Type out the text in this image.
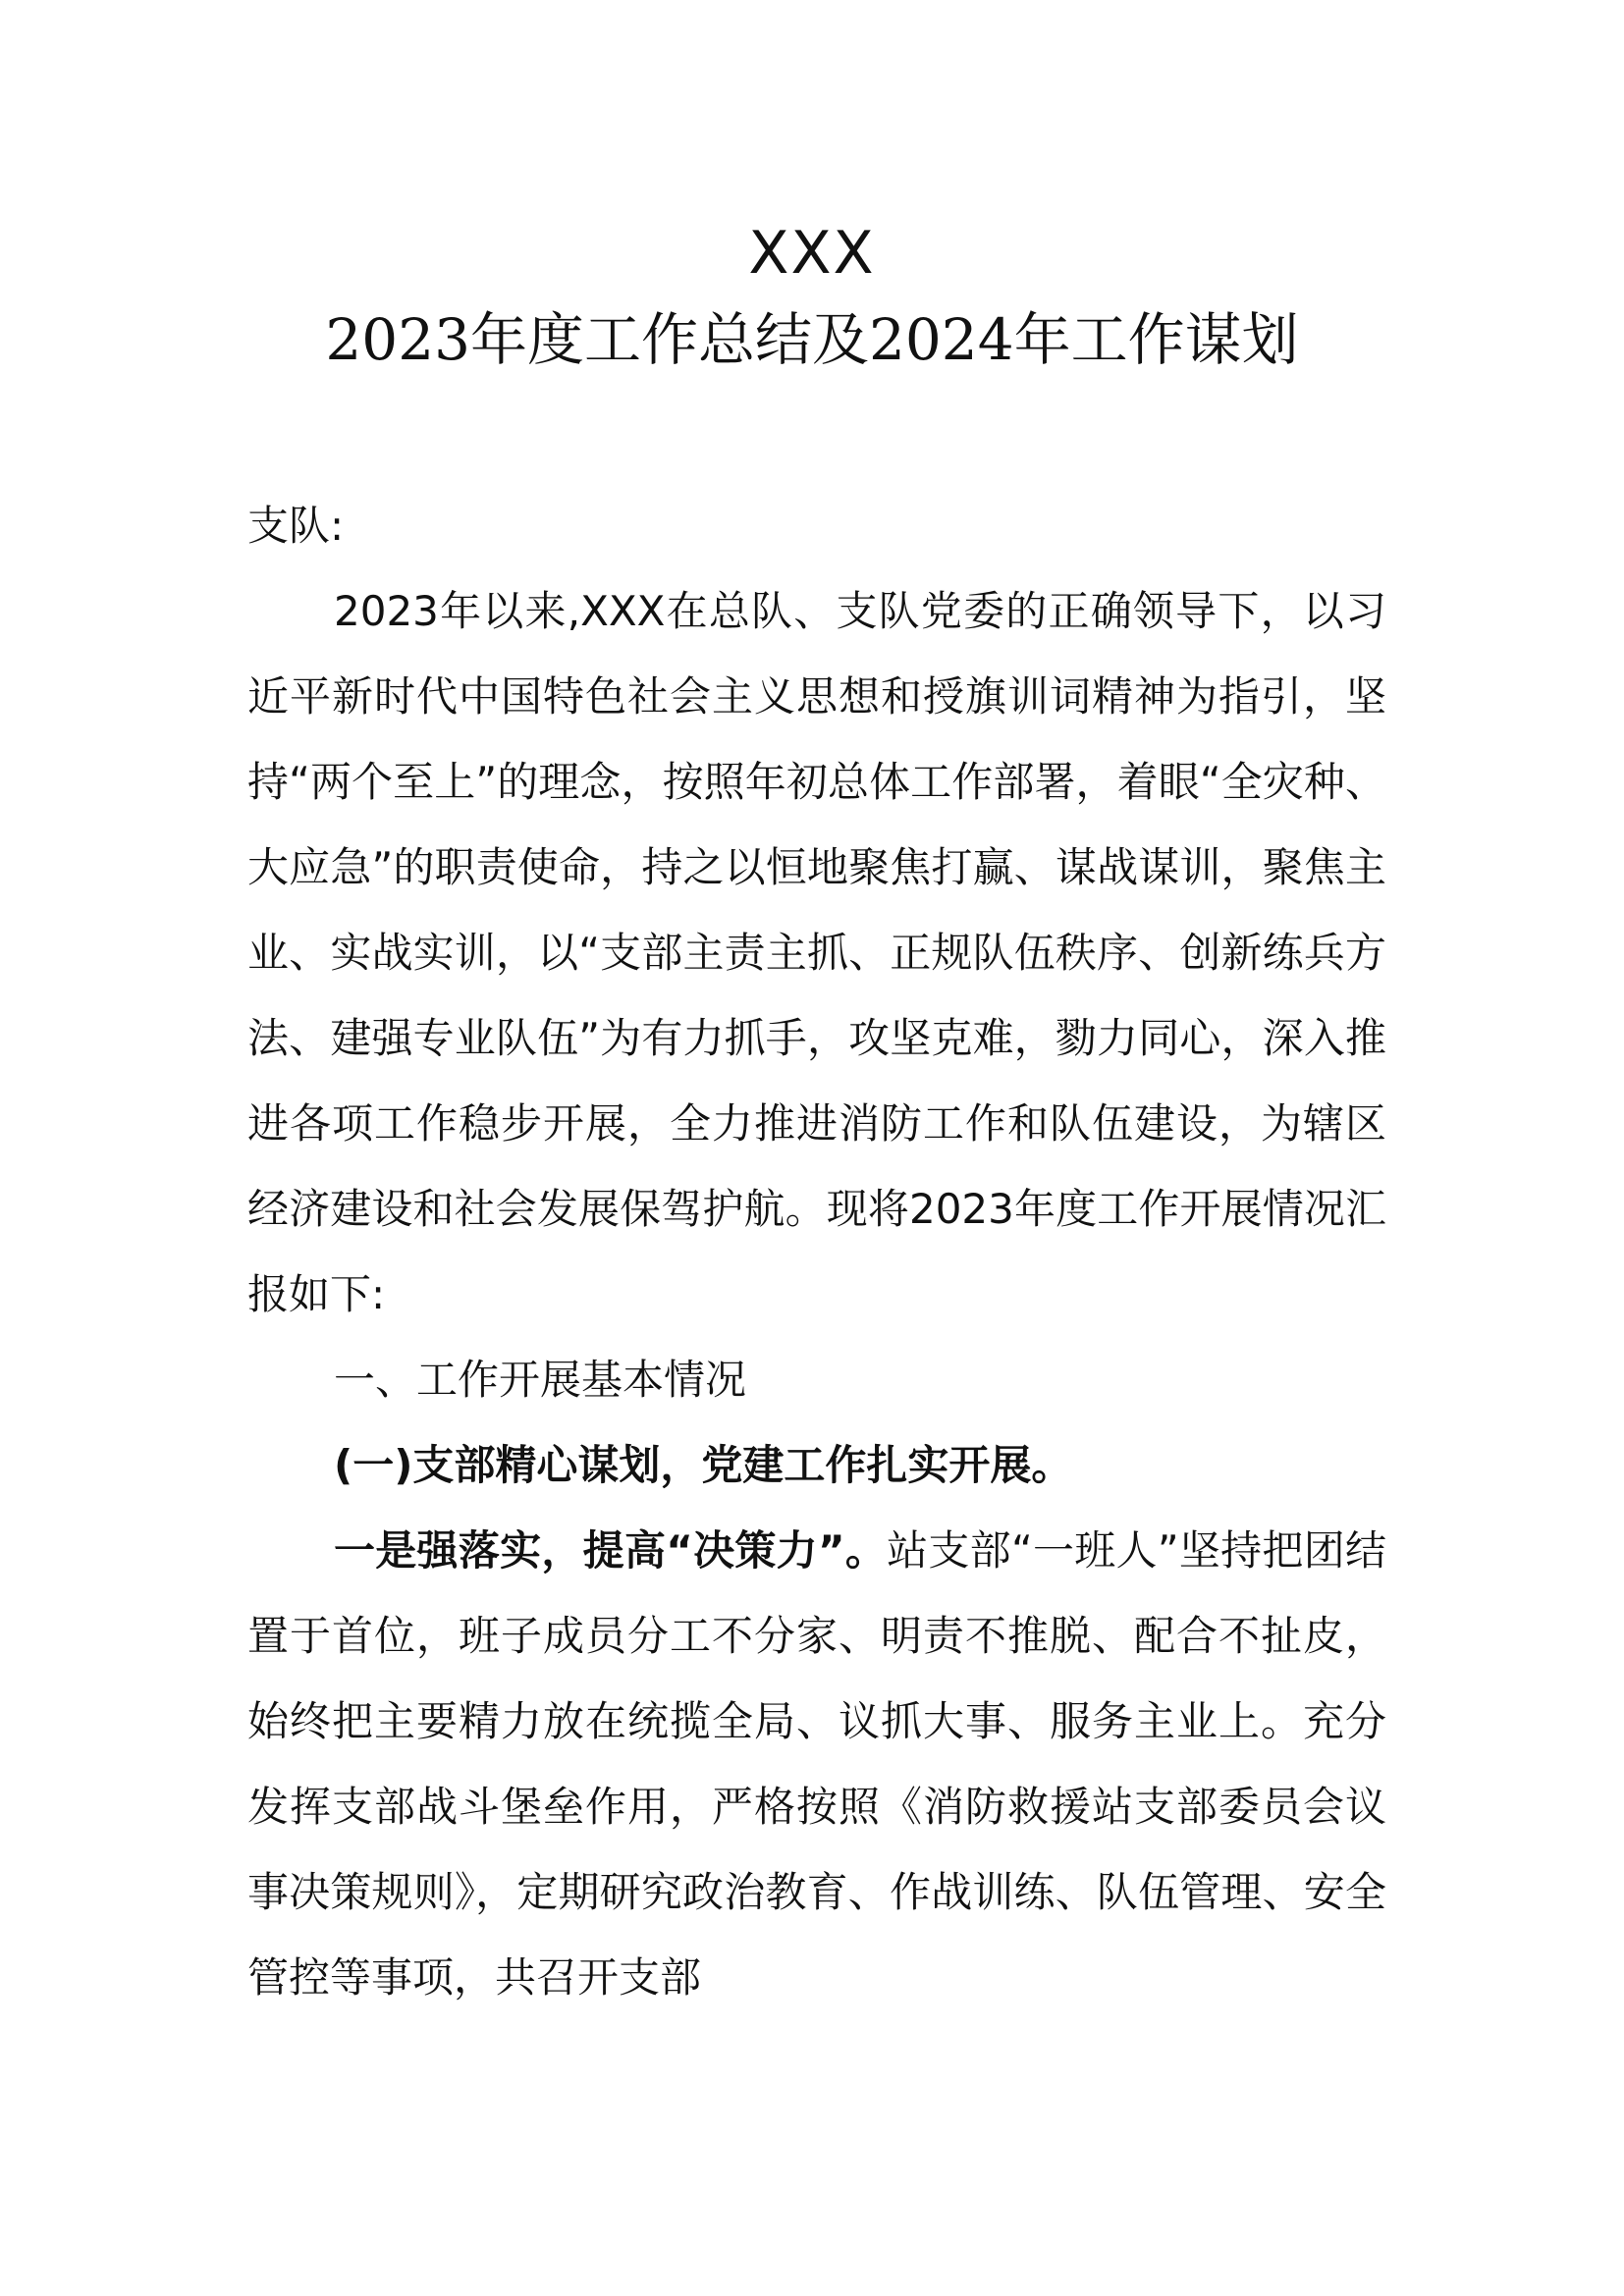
XXX
2023年度工作总结及2024年工作谋划

支队:

2023年以来,XXX在总队、支队党委的正确领导下，以习近平新时代中国特色社会主义思想和授旗训词精神为指引，坚持“两个至上”的理念，按照年初总体工作部署，着眼“全灾种、大应急”的职责使命，持之以恒地聚焦打赢、谋战谋训，聚焦主业、实战实训，以“支部主责主抓、正规队伍秩序、创新练兵方法、建强专业队伍”为有力抓手，攻坚克难，勠力同心，深入推进各项工作稳步开展，全力推进消防工作和队伍建设，为辖区经济建设和社会发展保驾护航。现将2023年度工作开展情况汇报如下:

一、工作开展基本情况

(一)支部精心谋划，党建工作扎实开展。

一是强落实，提高“决策力”。站支部“一班人”坚持把团结置于首位，班子成员分工不分家、明责不推脱、配合不扯皮，始终把主要精力放在统揽全局、议抓大事、服务主业上。充分发挥支部战斗堡垒作用，严格按照《消防救援站支部委员会议事决策规则》，定期研究政治教育、作战训练、队伍管理、安全管控等事项，共召开支部
